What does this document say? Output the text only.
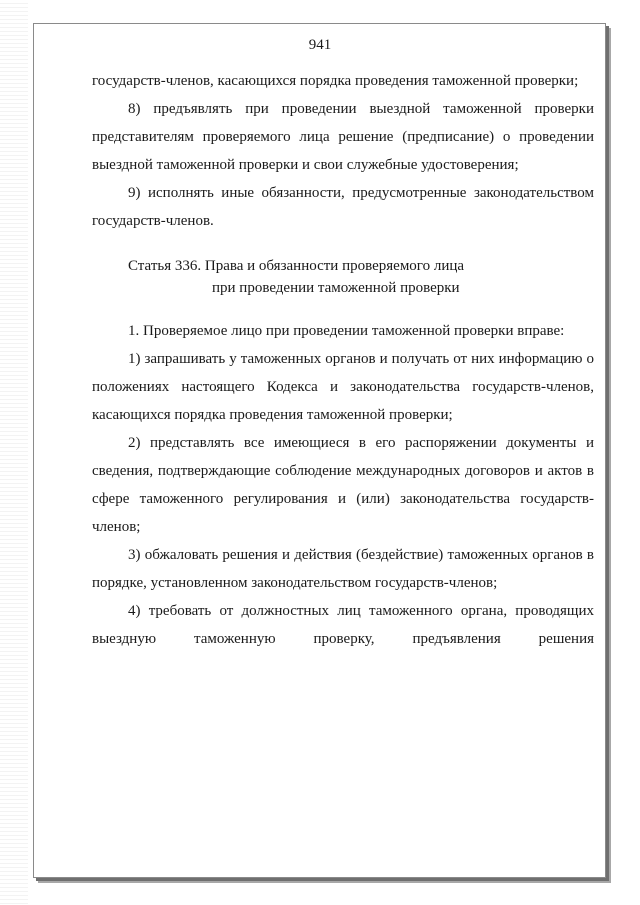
941

государств-членов, касающихся порядка проведения таможенной проверки;

8) предъявлять при проведении выездной таможенной проверки представителям проверяемого лица решение (предписание) о проведении выездной таможенной проверки и свои служебные удостоверения;

9) исполнять иные обязанности, предусмотренные законодательством государств-членов.

Статья 336. Права и обязанности проверяемого лица
при проведении таможенной проверки

1. Проверяемое лицо при проведении таможенной проверки вправе:

1) запрашивать у таможенных органов и получать от них информацию о положениях настоящего Кодекса и законодательства государств-членов, касающихся порядка проведения таможенной проверки;

2) представлять все имеющиеся в его распоряжении документы и сведения, подтверждающие соблюдение международных договоров и актов в сфере таможенного регулирования и (или) законодательства государств-членов;

3) обжаловать решения и действия (бездействие) таможенных органов в порядке, установленном законодательством государств-членов;

4) требовать от должностных лиц таможенного органа, проводящих выездную таможенную проверку, предъявления решения
